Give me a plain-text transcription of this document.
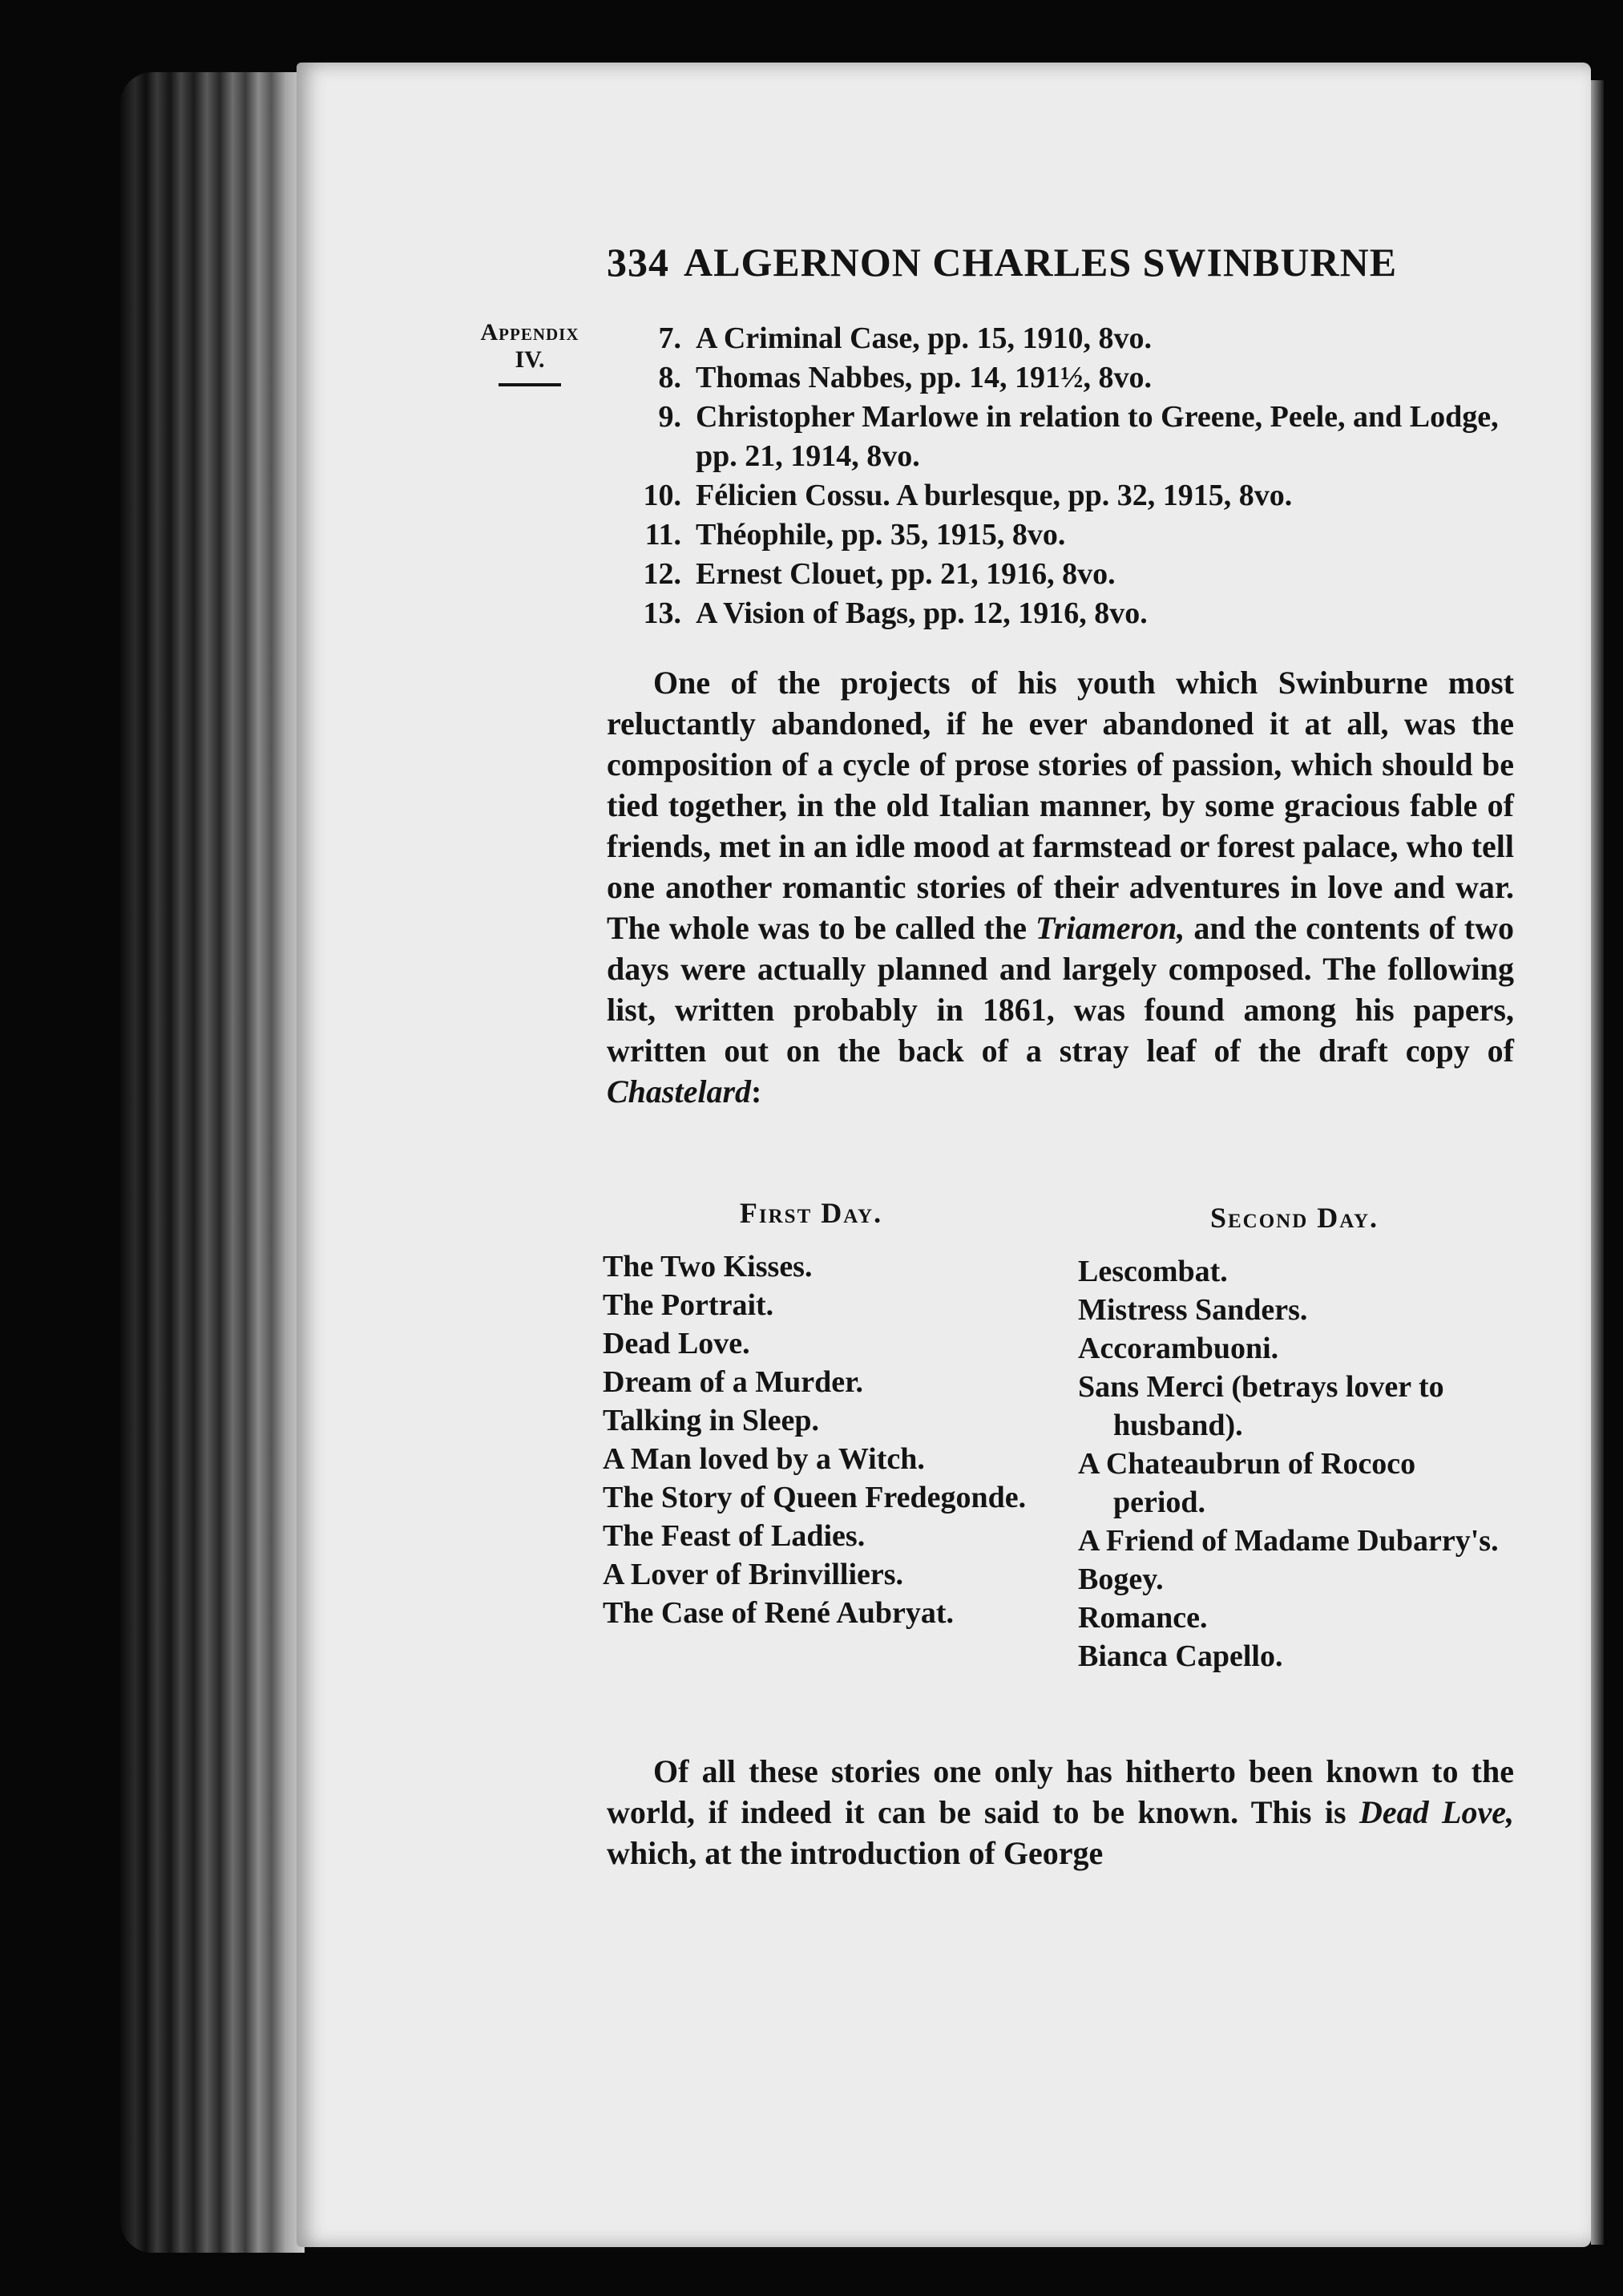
334 ALGERNON CHARLES SWINBURNE
Appendix
IV.
7. A Criminal Case, pp. 15, 1910, 8vo.
8. Thomas Nabbes, pp. 14, 191½, 8vo.
9. Christopher Marlowe in relation to Greene, Peele, and Lodge, pp. 21, 1914, 8vo.
10. Félicien Cossu. A burlesque, pp. 32, 1915, 8vo.
11. Théophile, pp. 35, 1915, 8vo.
12. Ernest Clouet, pp. 21, 1916, 8vo.
13. A Vision of Bags, pp. 12, 1916, 8vo.

One of the projects of his youth which Swinburne most reluctantly abandoned, if he ever abandoned it at all, was the composition of a cycle of prose stories of passion, which should be tied together, in the old Italian manner, by some gracious fable of friends, met in an idle mood at farmstead or forest palace, who tell one another romantic stories of their adventures in love and war. The whole was to be called the Triameron, and the contents of two days were actually planned and largely composed. The following list, written probably in 1861, was found among his papers, written out on the back of a stray leaf of the draft copy of Chastelard:

First Day.	Second Day.
The Two Kisses.
The Portrait.
Dead Love.
Dream of a Murder.
Talking in Sleep.
A Man loved by a Witch.
The Story of Queen Fredegonde.
The Feast of Ladies.
A Lover of Brinvilliers.
The Case of René Aubryat.
Lescombat.
Mistress Sanders.
Accorambuoni.
Sans Merci (betrays lover to husband).
A Chateaubrun of Rococo period.
A Friend of Madame Dubarry's.
Bogey.
Romance.
Bianca Capello.

Of all these stories one only has hitherto been known to the world, if indeed it can be said to be known. This is Dead Love, which, at the introduction of George
